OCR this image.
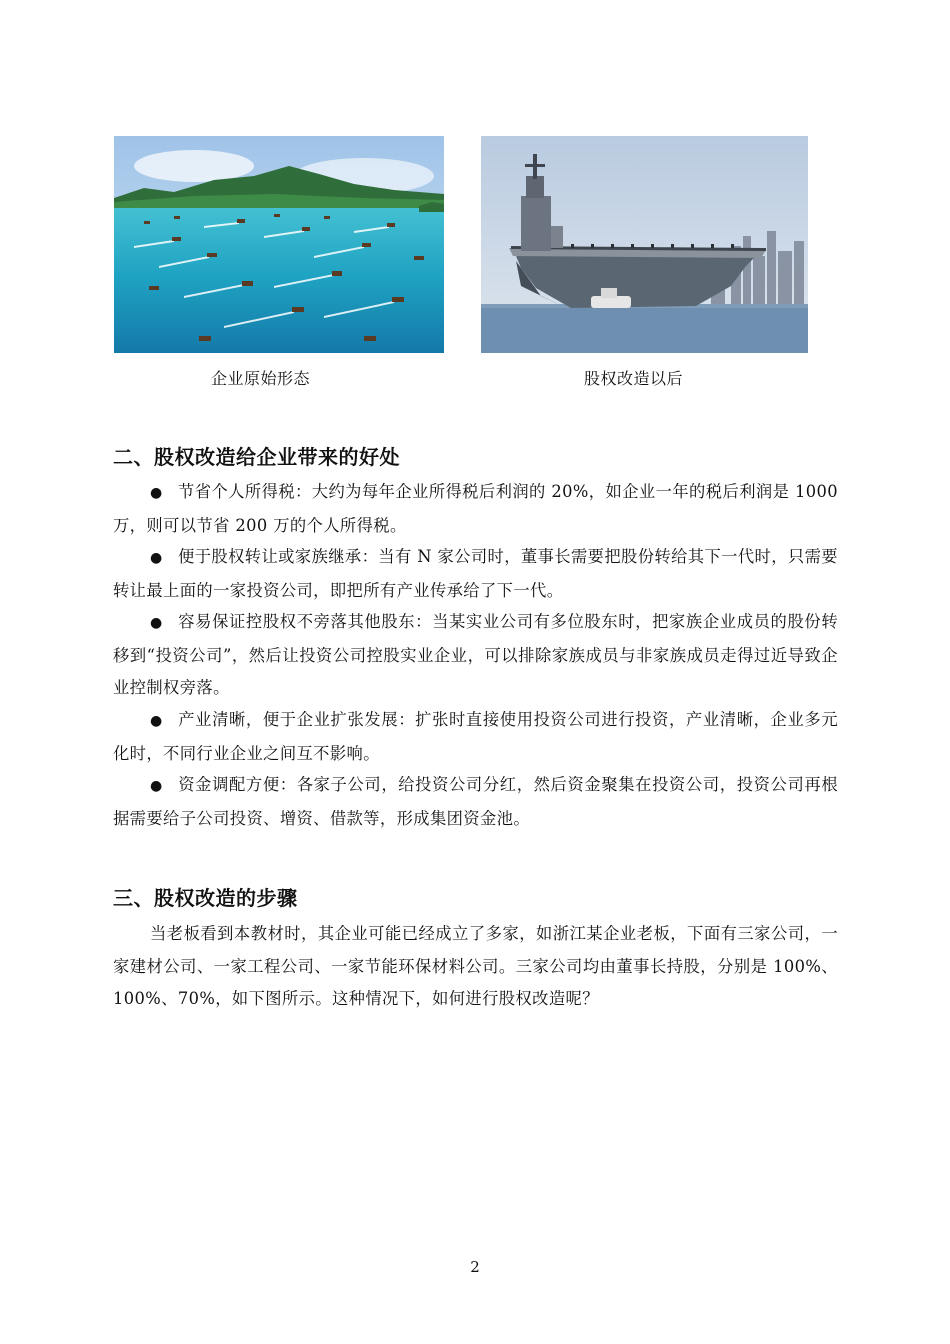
企业原始形态	股权改造以后
二、股权改造给企业带来的好处
● 节省个人所得税：大约为每年企业所得税后利润的 20%，如企业一年的税后利润是 1000 万，则可以节省 200 万的个人所得税。
● 便于股权转让或家族继承：当有 N 家公司时，董事长需要把股份转给其下一代时，只需要转让最上面的一家投资公司，即把所有产业传承给了下一代。
● 容易保证控股权不旁落其他股东：当某实业公司有多位股东时，把家族企业成员的股份转移到“投资公司”，然后让投资公司控股实业企业，可以排除家族成员与非家族成员走得过近导致企业控制权旁落。
● 产业清晰，便于企业扩张发展：扩张时直接使用投资公司进行投资，产业清晰，企业多元化时，不同行业企业之间互不影响。
● 资金调配方便：各家子公司，给投资公司分红，然后资金聚集在投资公司，投资公司再根据需要给子公司投资、增资、借款等，形成集团资金池。
三、股权改造的步骤
当老板看到本教材时，其企业可能已经成立了多家，如浙江某企业老板，下面有三家公司，一家建材公司、一家工程公司、一家节能环保材料公司。三家公司均由董事长持股，分别是 100%、100%、70%，如下图所示。这种情况下，如何进行股权改造呢？
2
